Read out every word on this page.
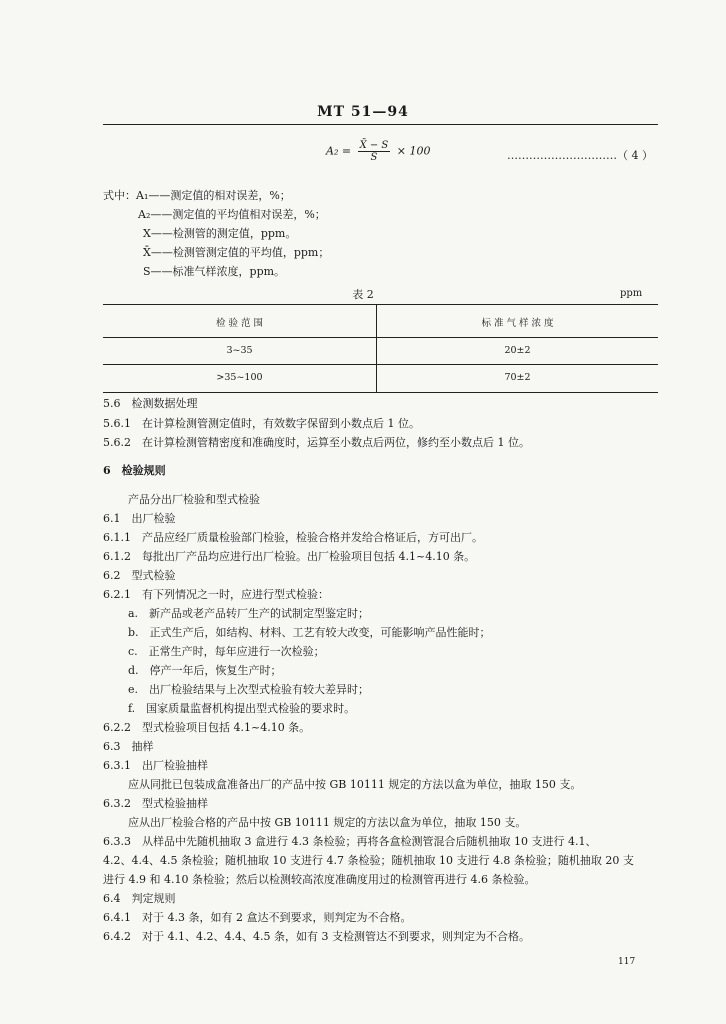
MT 51—94
$A_2 = \frac{X̄ - S}{S} \times 100$	…………………………（ 4 ）
式中：A₁——测定值的相对误差，%；
A₂——测定值的平均值相对误差，%；
X——检测管的测定值，ppm。
X̄——检测管测定值的平均值，ppm；
S——标准气样浓度，ppm。
表 2	ppm
检 验 范 围	标 准 气 样 浓 度
3~35	20±2
>35~100	70±2
5.6　检测数据处理
5.6.1　在计算检测管测定值时，有效数字保留到小数点后 1 位。
5.6.2　在计算检测管精密度和准确度时，运算至小数点后两位，修约至小数点后 1 位。
6　检验规则
产品分出厂检验和型式检验
6.1　出厂检验
6.1.1　产品应经厂质量检验部门检验，检验合格并发给合格证后，方可出厂。
6.1.2　每批出厂产品均应进行出厂检验。出厂检验项目包括 4.1~4.10 条。
6.2　型式检验
6.2.1　有下列情况之一时，应进行型式检验：
a.　新产品或老产品转厂生产的试制定型鉴定时；
b.　正式生产后，如结构、材料、工艺有较大改变，可能影响产品性能时；
c.　正常生产时，每年应进行一次检验；
d.　停产一年后，恢复生产时；
e.　出厂检验结果与上次型式检验有较大差异时；
f.　国家质量监督机构提出型式检验的要求时。
6.2.2　型式检验项目包括 4.1~4.10 条。
6.3　抽样
6.3.1　出厂检验抽样
应从同批已包装成盒准备出厂的产品中按 GB 10111 规定的方法以盒为单位，抽取 150 支。
6.3.2　型式检验抽样
应从出厂检验合格的产品中按 GB 10111 规定的方法以盒为单位，抽取 150 支。
6.3.3　从样品中先随机抽取 3 盒进行 4.3 条检验；再将各盒检测管混合后随机抽取 10 支进行 4.1、
4.2、4.4、4.5 条检验；随机抽取 10 支进行 4.7 条检验；随机抽取 10 支进行 4.8 条检验；随机抽取 20 支
进行 4.9 和 4.10 条检验；然后以检测较高浓度准确度用过的检测管再进行 4.6 条检验。
6.4　判定规则
6.4.1　对于 4.3 条，如有 2 盒达不到要求，则判定为不合格。
6.4.2　对于 4.1、4.2、4.4、4.5 条，如有 3 支检测管达不到要求，则判定为不合格。
117
